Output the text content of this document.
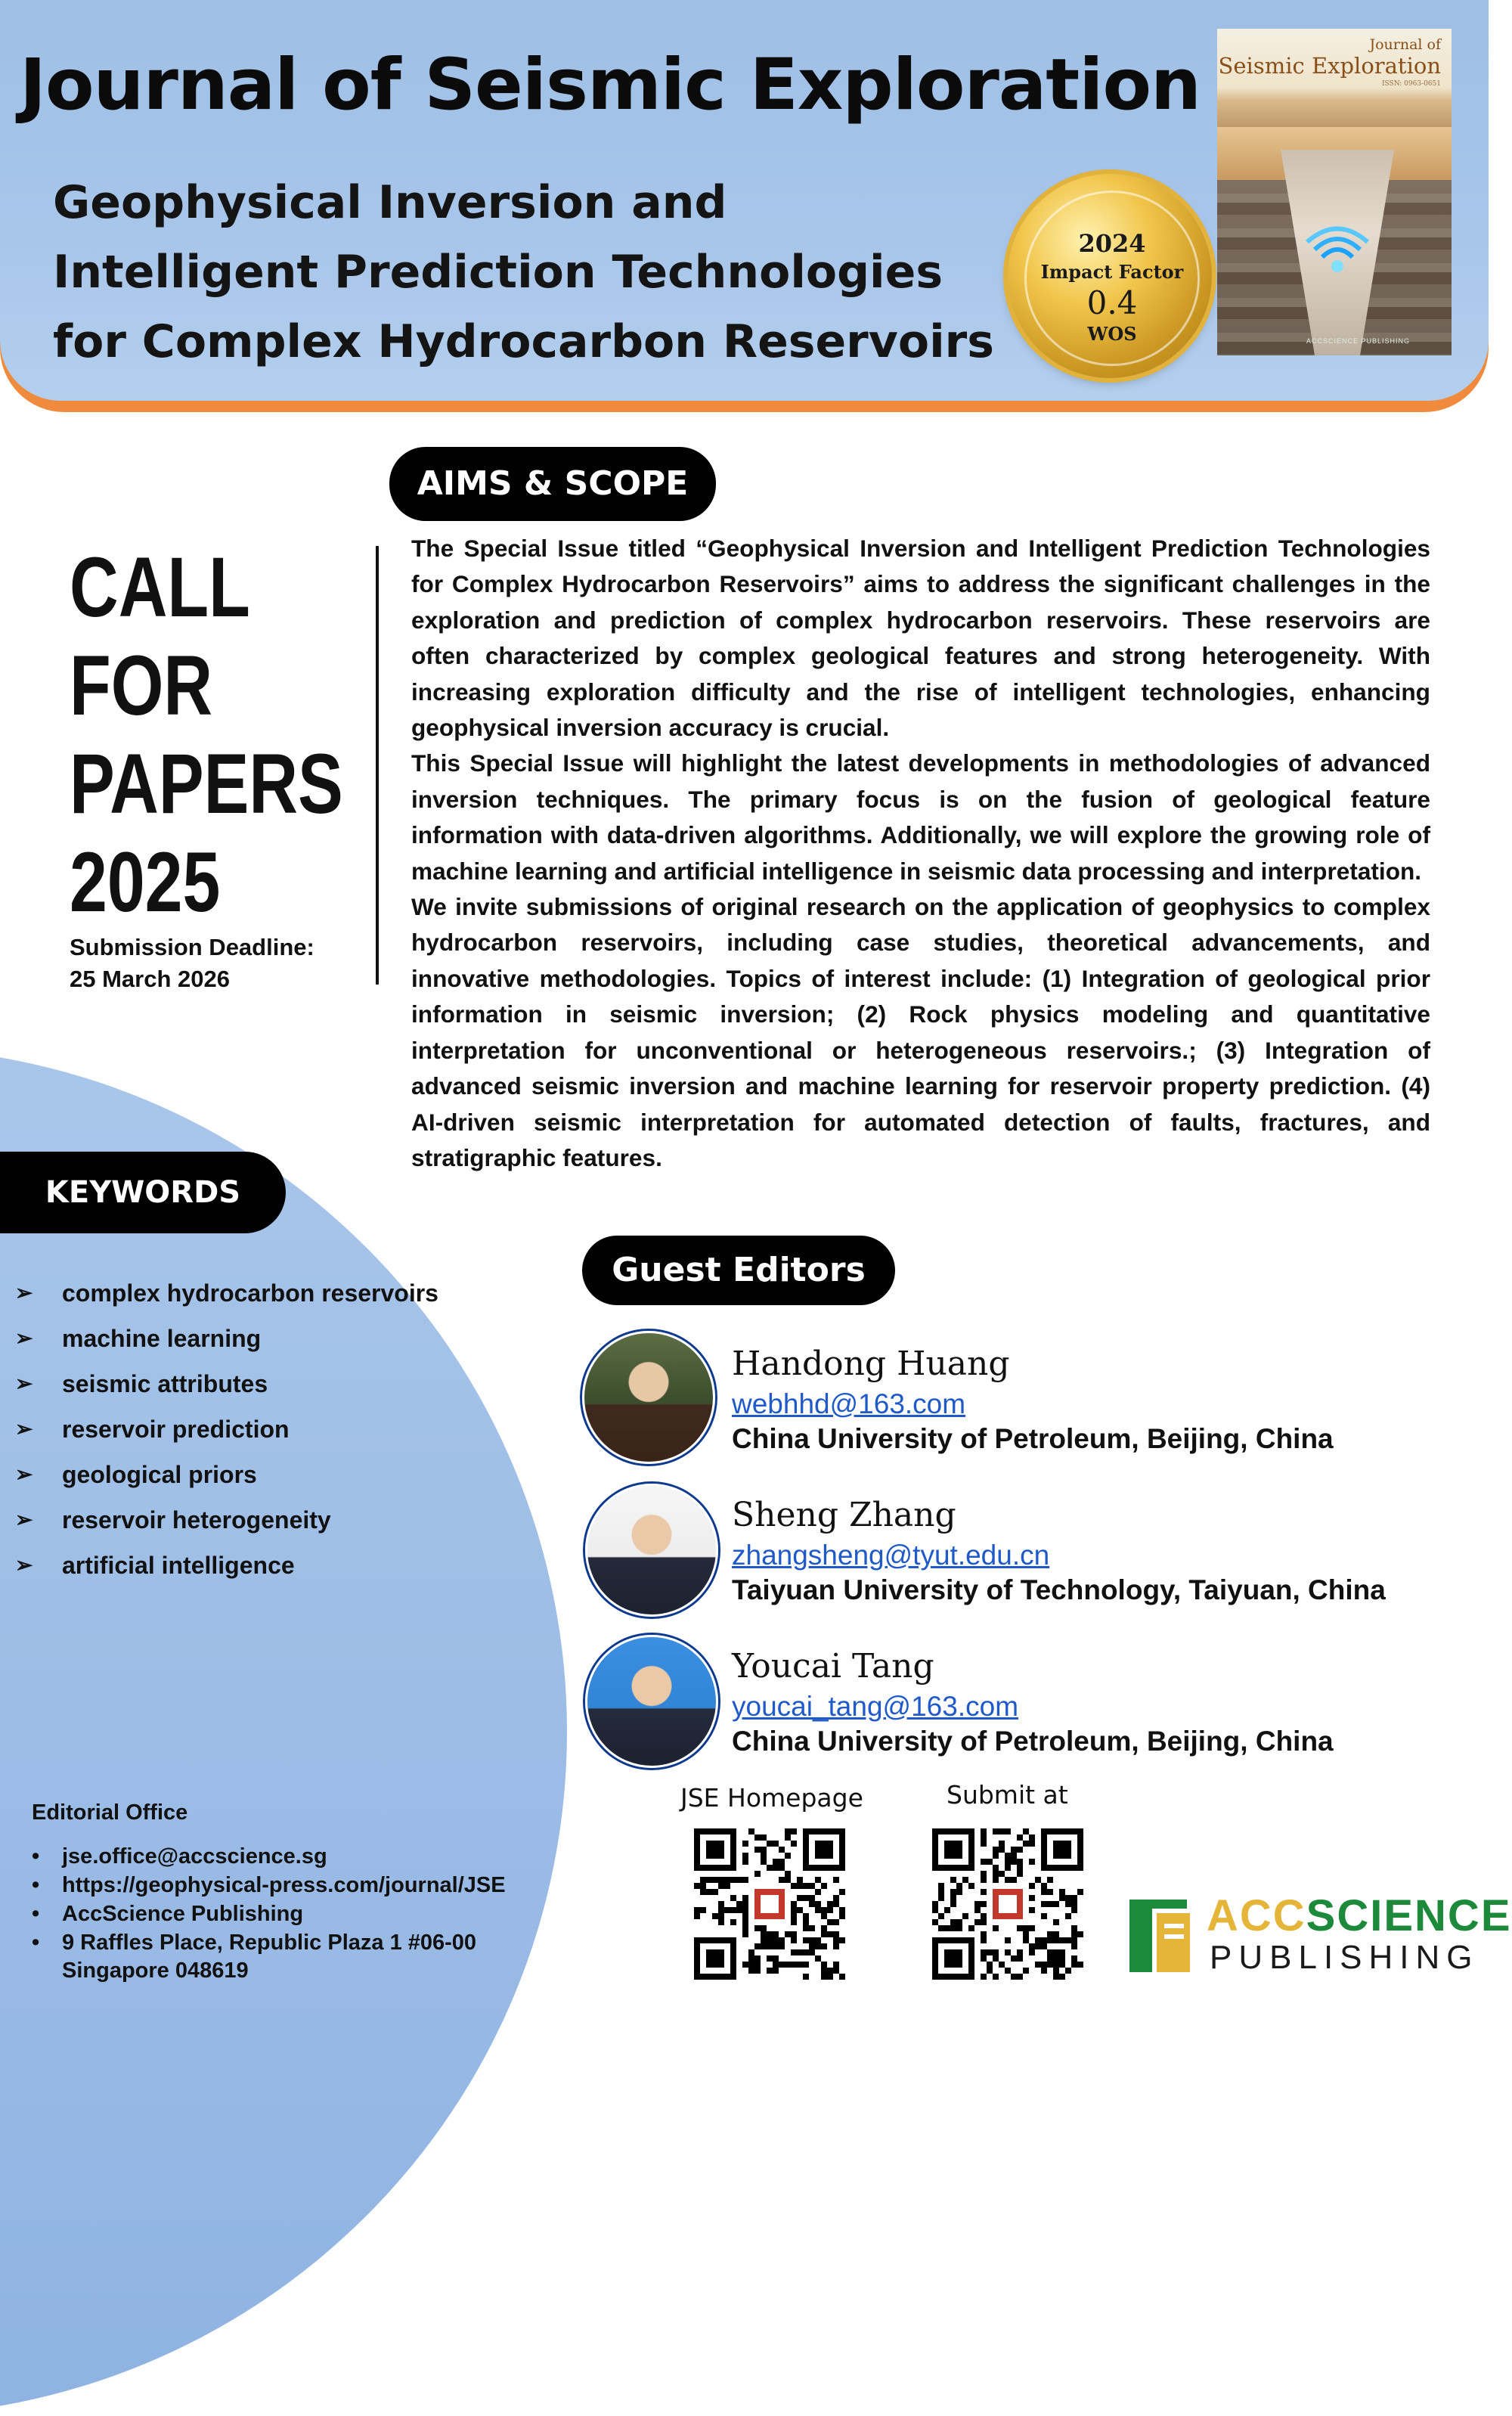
Journal of Seismic Exploration
Geophysical Inversion and Intelligent Prediction Technologies for Complex Hydrocarbon Reservoirs
2024
Impact Factor
0.4
WOS
Journal of
Seismic Exploration
ISSN: 0963-0651
ACCSCIENCE PUBLISHING
AIMS & SCOPE
CALL
FOR
PAPERS
2025
Submission Deadline:
25 March 2026

The Special Issue titled “Geophysical Inversion and Intelligent Prediction Technologies for Complex Hydrocarbon Reservoirs” aims to address the significant challenges in the exploration and prediction of complex hydrocarbon reservoirs. These reservoirs are often characterized by complex geological features and strong heterogeneity. With increasing exploration difficulty and the rise of intelligent technologies, enhancing geophysical inversion accuracy is crucial.

This Special Issue will highlight the latest developments in methodologies of advanced inversion techniques. The primary focus is on the fusion of geological feature information with data-driven algorithms. Additionally, we will explore the growing role of machine learning and artificial intelligence in seismic data processing and interpretation.

We invite submissions of original research on the application of geophysics to complex hydrocarbon reservoirs, including case studies, theoretical advancements, and innovative methodologies. Topics of interest include: (1) Integration of geological prior information in seismic inversion; (2) Rock physics modeling and quantitative interpretation for unconventional or heterogeneous reservoirs.; (3) Integration of advanced seismic inversion and machine learning for reservoir property prediction. (4) AI-driven seismic interpretation for automated detection of faults, fractures, and stratigraphic features.

KEYWORDS
➢ complex hydrocarbon reservoirs
➢ machine learning
➢ seismic attributes
➢ reservoir prediction
➢ geological priors
➢ reservoir heterogeneity
➢ artificial intelligence
Guest Editors
Handong Huang
webhhd@163.com
China University of Petroleum, Beijing, China
Sheng Zhang
zhangsheng@tyut.edu.cn
Taiyuan University of Technology, Taiyuan, China
Youcai Tang
youcai_tang@163.com
China University of Petroleum, Beijing, China
Editorial Office
• jse.office@accscience.sg
• https://geophysical-press.com/journal/JSE
• AccScience Publishing
• 9 Raffles Place, Republic Plaza 1 #06-00
Singapore 048619
JSE Homepage	Submit at
ACCSCIENCE
PUBLISHING
